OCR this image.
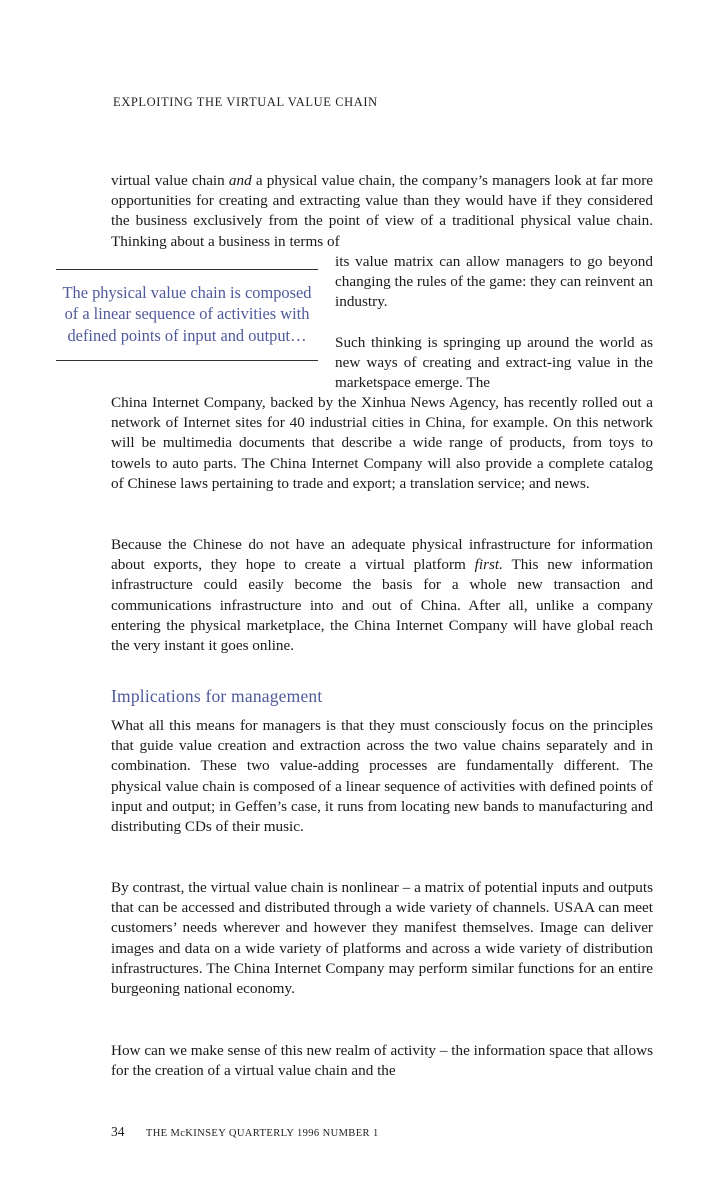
EXPLOITING THE VIRTUAL VALUE CHAIN

virtual value chain and a physical value chain, the company’s managers look at far more opportunities for creating and extracting value than they would have if they considered the business exclusively from the point of view of a traditional physical value chain. Thinking about a business in terms of

its value matrix can allow managers to go beyond changing the rules of the game: they can reinvent an industry.

Such thinking is springing up around the world as new ways of creating and extract-ing value in the marketspace emerge. The

The physical value chain is composed of a linear sequence of activities with defined points of input and output…

China Internet Company, backed by the Xinhua News Agency, has recently rolled out a network of Internet sites for 40 industrial cities in China, for example. On this network will be multimedia documents that describe a wide range of products, from toys to towels to auto parts. The China Internet Company will also provide a complete catalog of Chinese laws pertaining to trade and export; a translation service; and news.

Because the Chinese do not have an adequate physical infrastructure for information about exports, they hope to create a virtual platform first. This new information infrastructure could easily become the basis for a whole new transaction and communications infrastructure into and out of China. After all, unlike a company entering the physical marketplace, the China Internet Company will have global reach the very instant it goes online.

Implications for management

What all this means for managers is that they must consciously focus on the principles that guide value creation and extraction across the two value chains separately and in combination. These two value-adding processes are fundamentally different. The physical value chain is composed of a linear sequence of activities with defined points of input and output; in Geffen’s case, it runs from locating new bands to manufacturing and distributing CDs of their music.

By contrast, the virtual value chain is nonlinear – a matrix of potential inputs and outputs that can be accessed and distributed through a wide variety of channels. USAA can meet customers’ needs wherever and however they manifest themselves. Image can deliver images and data on a wide variety of platforms and across a wide variety of distribution infrastructures. The China Internet Company may perform similar functions for an entire burgeoning national economy.

How can we make sense of this new realm of activity – the information space that allows for the creation of a virtual value chain and the

34 THE McKINSEY QUARTERLY 1996 NUMBER 1
